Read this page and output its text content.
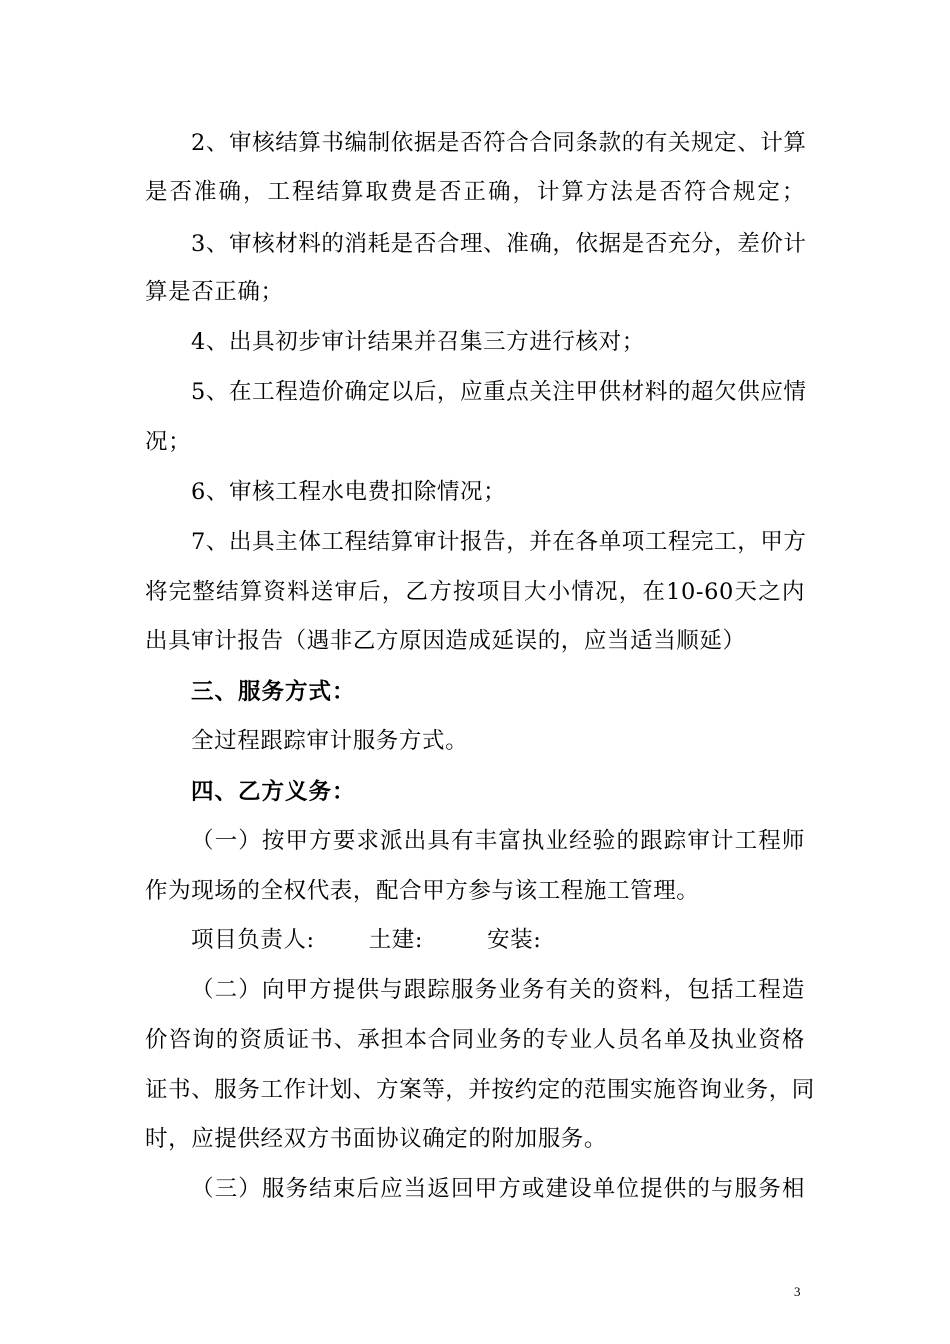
2、审核结算书编制依据是否符合合同条款的有关规定、计算
是否准确，工程结算取费是否正确，计算方法是否符合规定；
3、审核材料的消耗是否合理、准确，依据是否充分，差价计
算是否正确；
4、出具初步审计结果并召集三方进行核对；
5、在工程造价确定以后，应重点关注甲供材料的超欠供应情
况；
6、审核工程水电费扣除情况；
7、出具主体工程结算审计报告，并在各单项工程完工，甲方
将完整结算资料送审后，乙方按项目大小情况，在10-60天之内
出具审计报告（遇非乙方原因造成延误的，应当适当顺延）
三、服务方式：
全过程跟踪审计服务方式。
四、乙方义务：
（一）按甲方要求派出具有丰富执业经验的跟踪审计工程师
作为现场的全权代表，配合甲方参与该工程施工管理。
项目负责人: 土建:	安装:
（二）向甲方提供与跟踪服务业务有关的资料，包括工程造
价咨询的资质证书、承担本合同业务的专业人员名单及执业资格
证书、服务工作计划、方案等，并按约定的范围实施咨询业务，同
时，应提供经双方书面协议确定的附加服务。
（三）服务结束后应当返回甲方或建设单位提供的与服务相
3
